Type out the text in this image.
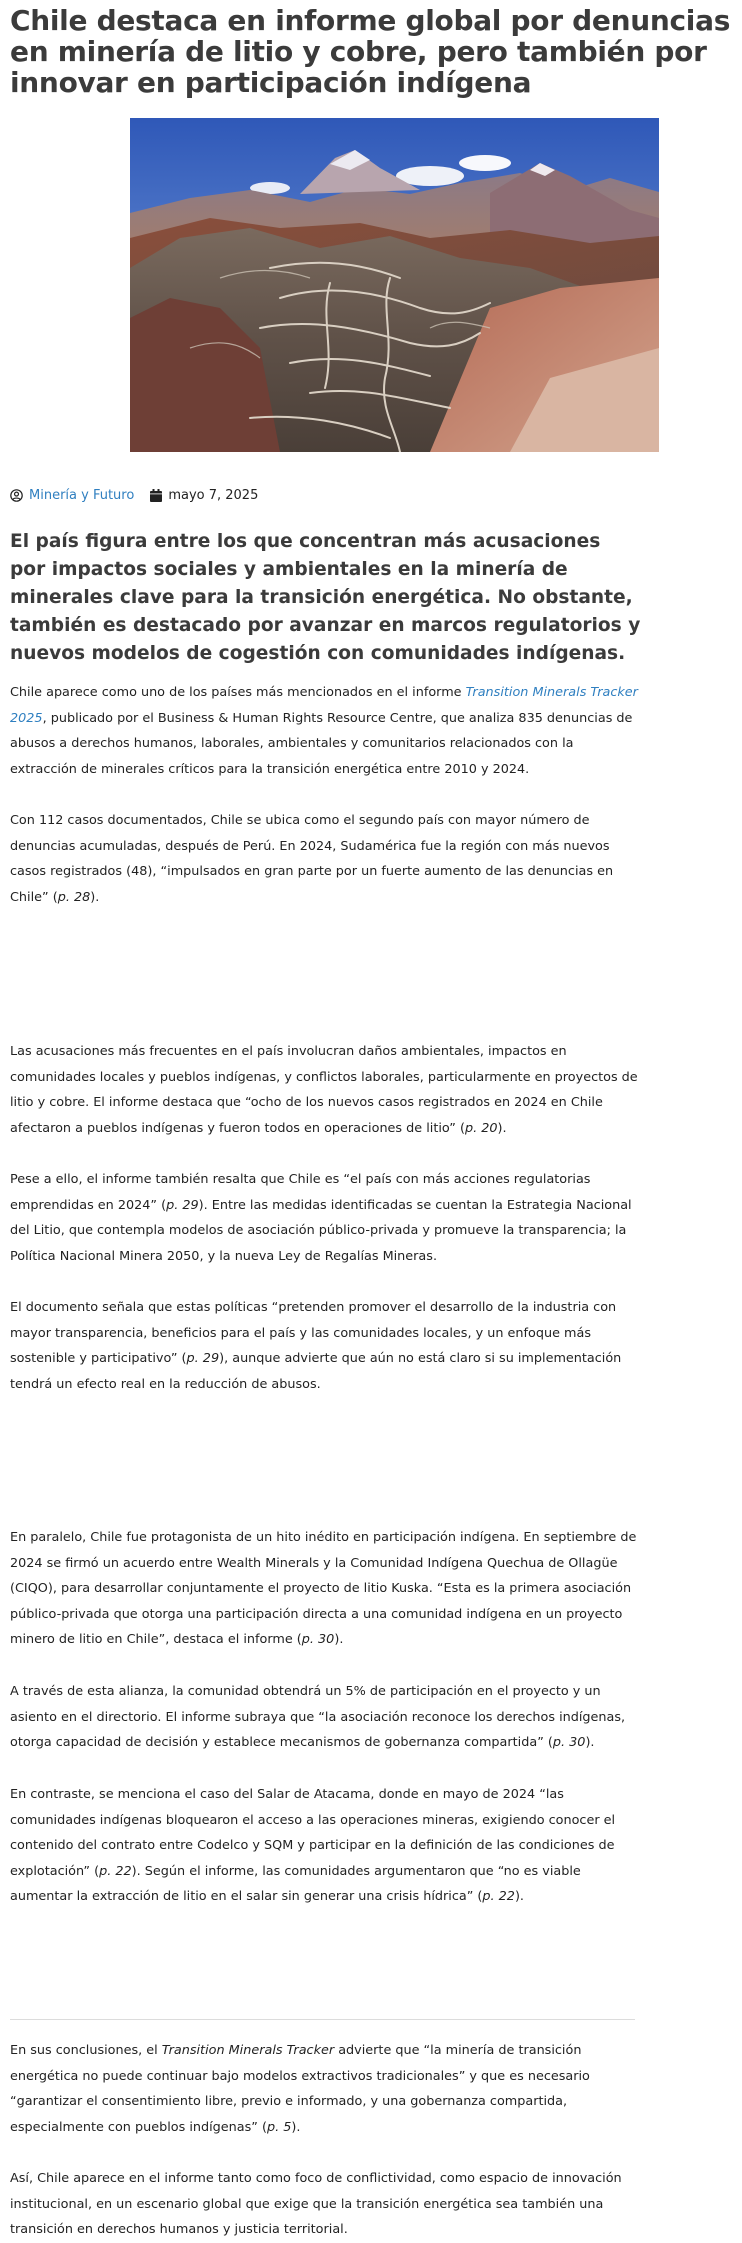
Chile destaca en informe global por denuncias en minería de litio y cobre, pero también por innovar en participación indígena
Minería y Futuro	mayo 7, 2025

El país figura entre los que concentran más acusaciones por impactos sociales y ambientales en la minería de minerales clave para la transición energética. No obstante, también es destacado por avanzar en marcos regulatorios y nuevos modelos de cogestión con comunidades indígenas.

Chile aparece como uno de los países más mencionados en el informe Transition Minerals Tracker 2025, publicado por el Business & Human Rights Resource Centre, que analiza 835 denuncias de abusos a derechos humanos, laborales, ambientales y comunitarios relacionados con la extracción de minerales críticos para la transición energética entre 2010 y 2024.

Con 112 casos documentados, Chile se ubica como el segundo país con mayor número de denuncias acumuladas, después de Perú. En 2024, Sudamérica fue la región con más nuevos casos registrados (48), “impulsados en gran parte por un fuerte aumento de las denuncias en Chile” (p. 28).

Las acusaciones más frecuentes en el país involucran daños ambientales, impactos en comunidades locales y pueblos indígenas, y conflictos laborales, particularmente en proyectos de litio y cobre. El informe destaca que “ocho de los nuevos casos registrados en 2024 en Chile afectaron a pueblos indígenas y fueron todos en operaciones de litio” (p. 20).

Pese a ello, el informe también resalta que Chile es “el país con más acciones regulatorias emprendidas en 2024” (p. 29). Entre las medidas identificadas se cuentan la Estrategia Nacional del Litio, que contempla modelos de asociación público-privada y promueve la transparencia; la Política Nacional Minera 2050, y la nueva Ley de Regalías Mineras.

El documento señala que estas políticas “pretenden promover el desarrollo de la industria con mayor transparencia, beneficios para el país y las comunidades locales, y un enfoque más sostenible y participativo” (p. 29), aunque advierte que aún no está claro si su implementación tendrá un efecto real en la reducción de abusos.

En paralelo, Chile fue protagonista de un hito inédito en participación indígena. En septiembre de 2024 se firmó un acuerdo entre Wealth Minerals y la Comunidad Indígena Quechua de Ollagüe (CIQO), para desarrollar conjuntamente el proyecto de litio Kuska. “Esta es la primera asociación público-privada que otorga una participación directa a una comunidad indígena en un proyecto minero de litio en Chile”, destaca el informe (p. 30).

A través de esta alianza, la comunidad obtendrá un 5% de participación en el proyecto y un asiento en el directorio. El informe subraya que “la asociación reconoce los derechos indígenas, otorga capacidad de decisión y establece mecanismos de gobernanza compartida” (p. 30).

En contraste, se menciona el caso del Salar de Atacama, donde en mayo de 2024 “las comunidades indígenas bloquearon el acceso a las operaciones mineras, exigiendo conocer el contenido del contrato entre Codelco y SQM y participar en la definición de las condiciones de explotación” (p. 22). Según el informe, las comunidades argumentaron que “no es viable aumentar la extracción de litio en el salar sin generar una crisis hídrica” (p. 22).

En sus conclusiones, el Transition Minerals Tracker advierte que “la minería de transición energética no puede continuar bajo modelos extractivos tradicionales” y que es necesario “garantizar el consentimiento libre, previo e informado, y una gobernanza compartida, especialmente con pueblos indígenas” (p. 5).

Así, Chile aparece en el informe tanto como foco de conflictividad, como espacio de innovación institucional, en un escenario global que exige que la transición energética sea también una transición en derechos humanos y justicia territorial.
